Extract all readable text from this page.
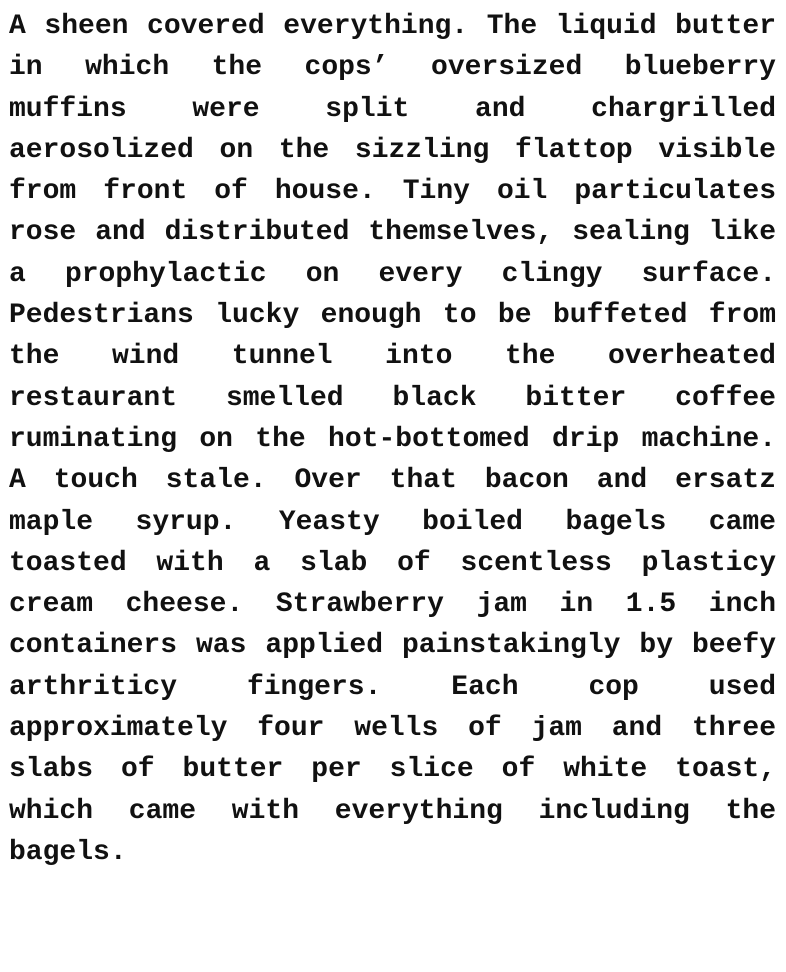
A sheen covered everything. The liquid butter in which the cops’ oversized blueberry muffins were split and chargrilled aerosolized on the sizzling flattop visible from front of house. Tiny oil particulates rose and distributed themselves, sealing like a prophylactic on every clingy surface. Pedestrians lucky enough to be buffeted from the wind tunnel into the overheated restaurant smelled black bitter coffee ruminating on the hot-bottomed drip machine. A touch stale. Over that bacon and ersatz maple syrup. Yeasty boiled bagels came toasted with a slab of scentless plasticy cream cheese. Strawberry jam in 1.5 inch containers was applied painstakingly by beefy arthriticy fingers. Each cop used approximately four wells of jam and three slabs of butter per slice of white toast, which came with everything including the bagels.
